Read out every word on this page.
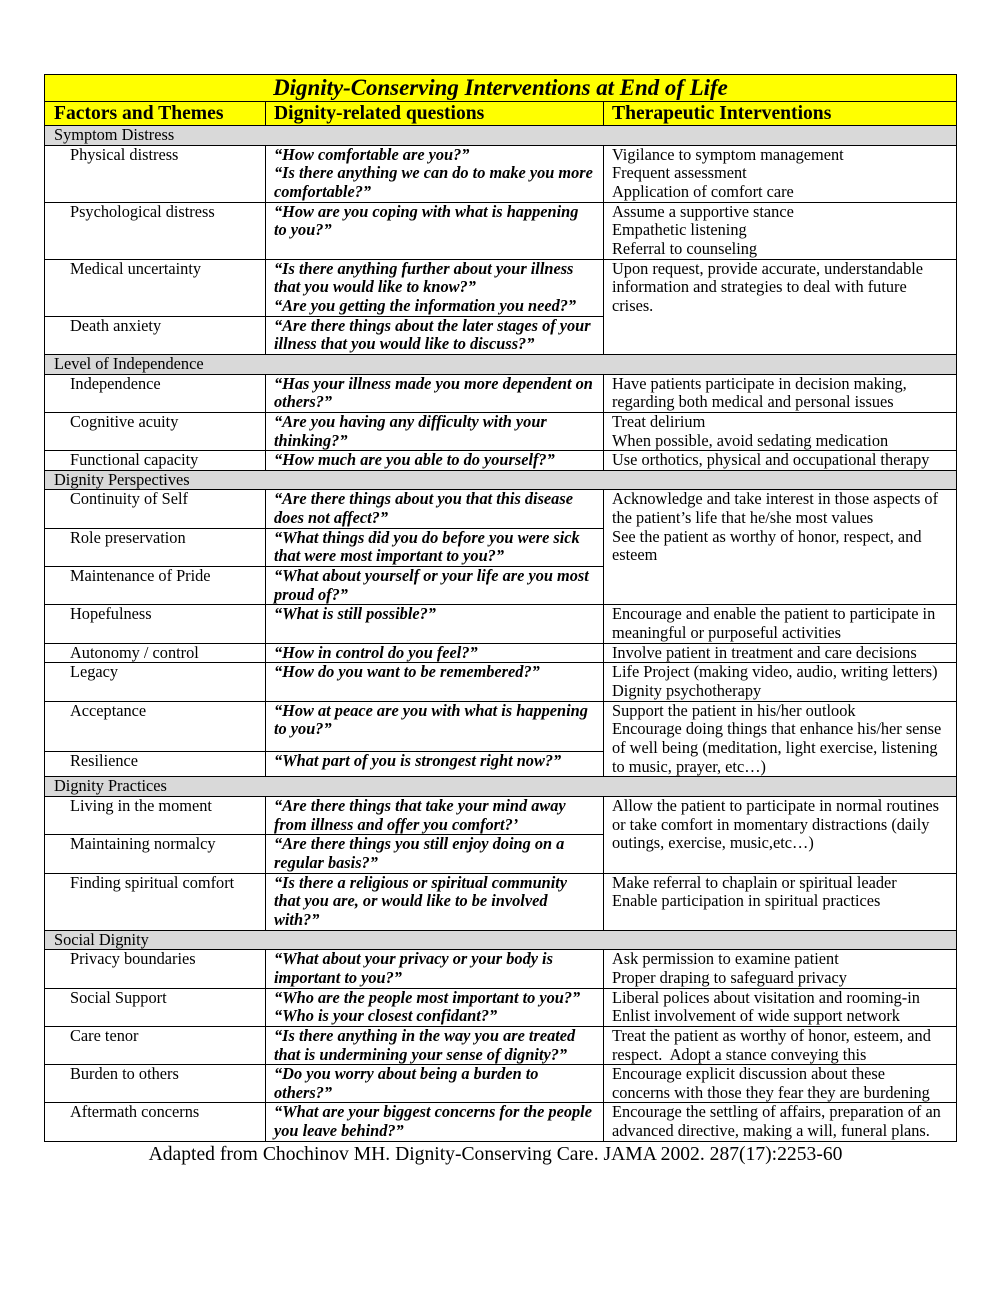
Dignity-Conserving Interventions at End of Life		
Factors and Themes	Dignity-related questions	Therapeutic Interventions
Symptom Distress		
Physical distress	“How comfortable are you?”
“Is there anything we can do to make you more
comfortable?”	Vigilance to symptom management
Frequent assessment
Application of comfort care
Psychological distress	“How are you coping with what is happening
to you?”	Assume a supportive stance
Empathetic listening
Referral to counseling
Medical uncertainty	“Is there anything further about your illness
that you would like to know?”
“Are you getting the information you need?”	Upon request, provide accurate, understandable
information and strategies to deal with future
crises.
Death anxiety	“Are there things about the later stages of your
illness that you would like to discuss?”	
Level of Independence		
Independence	“Has your illness made you more dependent on
others?”	Have patients participate in decision making,
regarding both medical and personal issues
Cognitive acuity	“Are you having any difficulty with your
thinking?”	Treat delirium
When possible, avoid sedating medication
Functional capacity	“How much are you able to do yourself?”	Use orthotics, physical and occupational therapy
Dignity Perspectives		
Continuity of Self	“Are there things about you that this disease
does not affect?”	Acknowledge and take interest in those aspects of
the patient’s life that he/she most values
See the patient as worthy of honor, respect, and
esteem
Role preservation	“What things did you do before you were sick
that were most important to you?”	
Maintenance of Pride	“What about yourself or your life are you most
proud of?”	
Hopefulness	“What is still possible?”	Encourage and enable the patient to participate in
meaningful or purposeful activities
Autonomy / control	“How in control do you feel?”	Involve patient in treatment and care decisions
Legacy	“How do you want to be remembered?”	Life Project (making video, audio, writing letters)
Dignity psychotherapy
Acceptance	“How at peace are you with what is happening
to you?”	Support the patient in his/her outlook
Encourage doing things that enhance his/her sense
of well being (meditation, light exercise, listening
to music, prayer, etc…)
Resilience	“What part of you is strongest right now?”	
Dignity Practices		
Living in the moment	“Are there things that take your mind away
from illness and offer you comfort?’	Allow the patient to participate in normal routines
or take comfort in momentary distractions (daily
outings, exercise, music,etc…)
Maintaining normalcy	“Are there things you still enjoy doing on a
regular basis?”	
Finding spiritual comfort	“Is there a religious or spiritual community
that you are, or would like to be involved
with?”	Make referral to chaplain or spiritual leader
Enable participation in spiritual practices
Social Dignity		
Privacy boundaries	“What about your privacy or your body is
important to you?”	Ask permission to examine patient
Proper draping to safeguard privacy
Social Support	“Who are the people most important to you?”
“Who is your closest confidant?”	Liberal polices about visitation and rooming-in
Enlist involvement of wide support network
Care tenor	“Is there anything in the way you are treated
that is undermining your sense of dignity?”	Treat the patient as worthy of honor, esteem, and
respect.  Adopt a stance conveying this
Burden to others	“Do you worry about being a burden to
others?”	Encourage explicit discussion about these
concerns with those they fear they are burdening
Aftermath concerns	“What are your biggest concerns for the people
you leave behind?”	Encourage the settling of affairs, preparation of an
advanced directive, making a will, funeral plans.
Adapted from Chochinov MH. Dignity-Conserving Care. JAMA 2002. 287(17):2253-60
